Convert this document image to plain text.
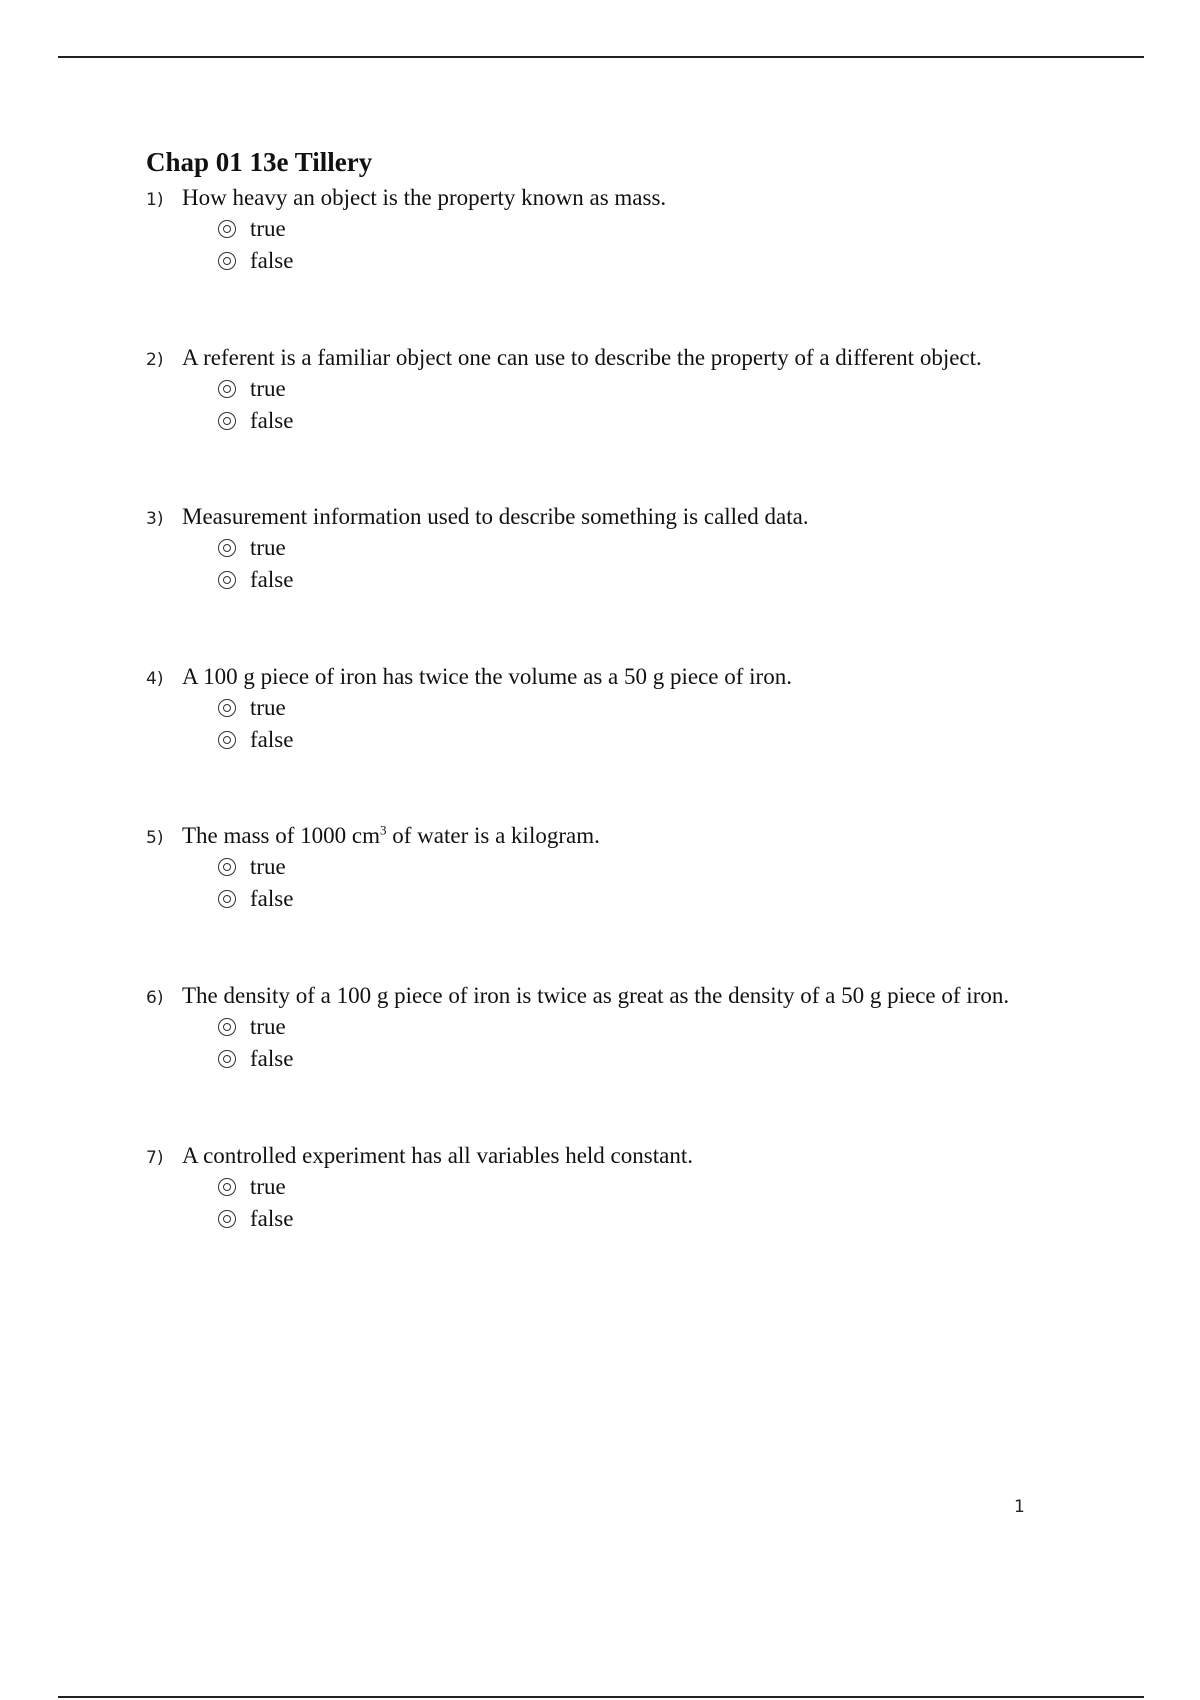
Chap 01 13e Tillery
1) How heavy an object is the property known as mass.
true
false
2) A referent is a familiar object one can use to describe the property of a different object.
true
false
3) Measurement information used to describe something is called data.
true
false
4) A 100 g piece of iron has twice the volume as a 50 g piece of iron.
true
false
5) The mass of 1000 $cm^3$ of water is a kilogram.
true
false
6) The density of a 100 g piece of iron is twice as great as the density of a 50 g piece of iron.
true
false
7) A controlled experiment has all variables held constant.
true
false
1
